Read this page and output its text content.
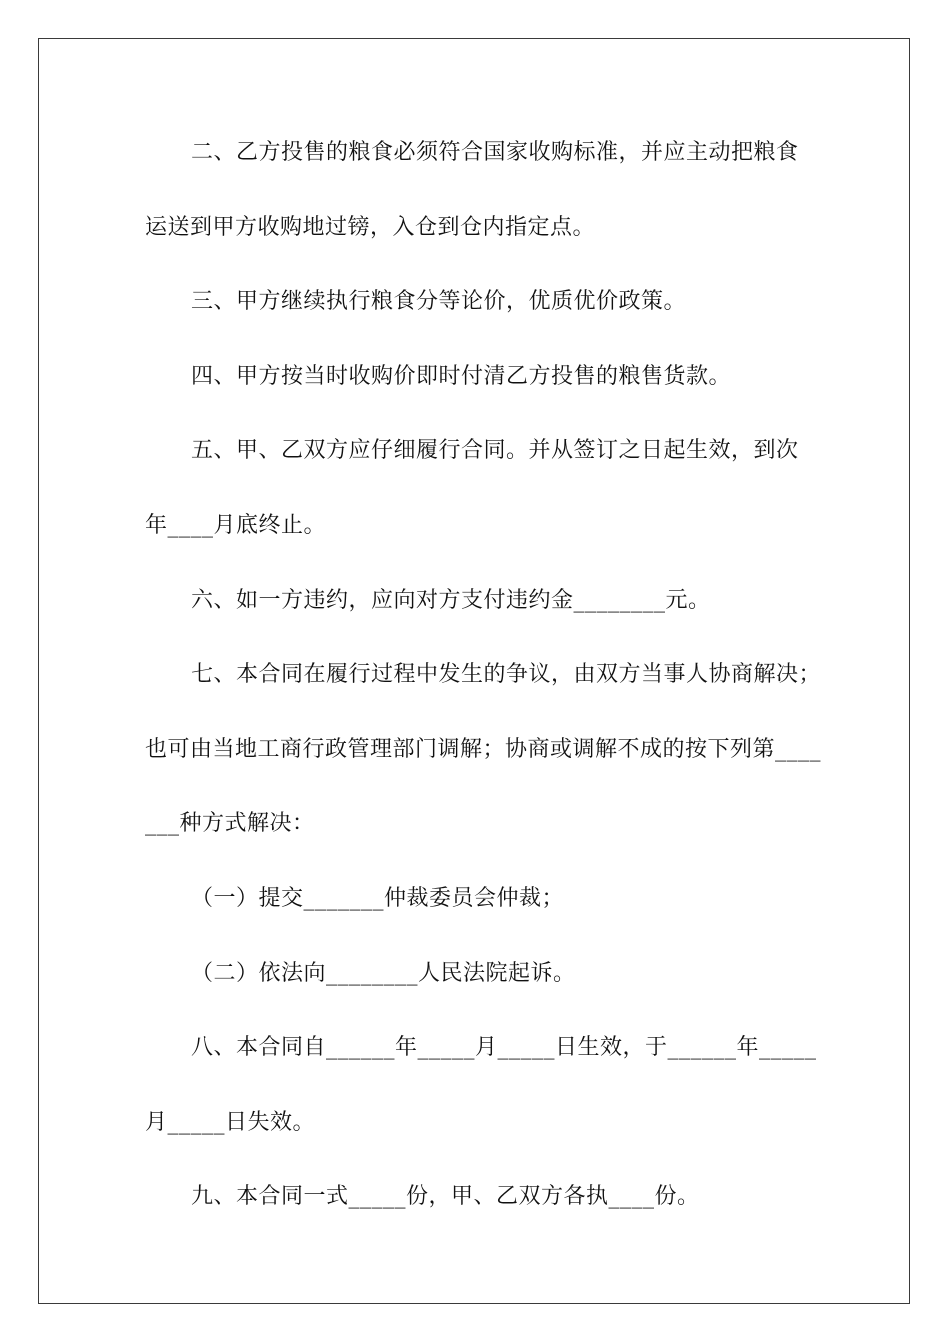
二、乙方投售的粮食必须符合国家收购标准，并应主动把粮食
运送到甲方收购地过镑，入仓到仓内指定点。
三、甲方继续执行粮食分等论价，优质优价政策。
四、甲方按当时收购价即时付清乙方投售的粮售货款。
五、甲、乙双方应仔细履行合同。并从签订之日起生效，到次
年____月底终止。
六、如一方违约，应向对方支付违约金________元。
七、本合同在履行过程中发生的争议，由双方当事人协商解决；
也可由当地工商行政管理部门调解；协商或调解不成的按下列第____
___种方式解决：
（一）提交_______仲裁委员会仲裁；
（二）依法向________人民法院起诉。
八、本合同自______年_____月_____日生效，于______年_____
月_____日失效。
九、本合同一式_____份，甲、乙双方各执____份。
